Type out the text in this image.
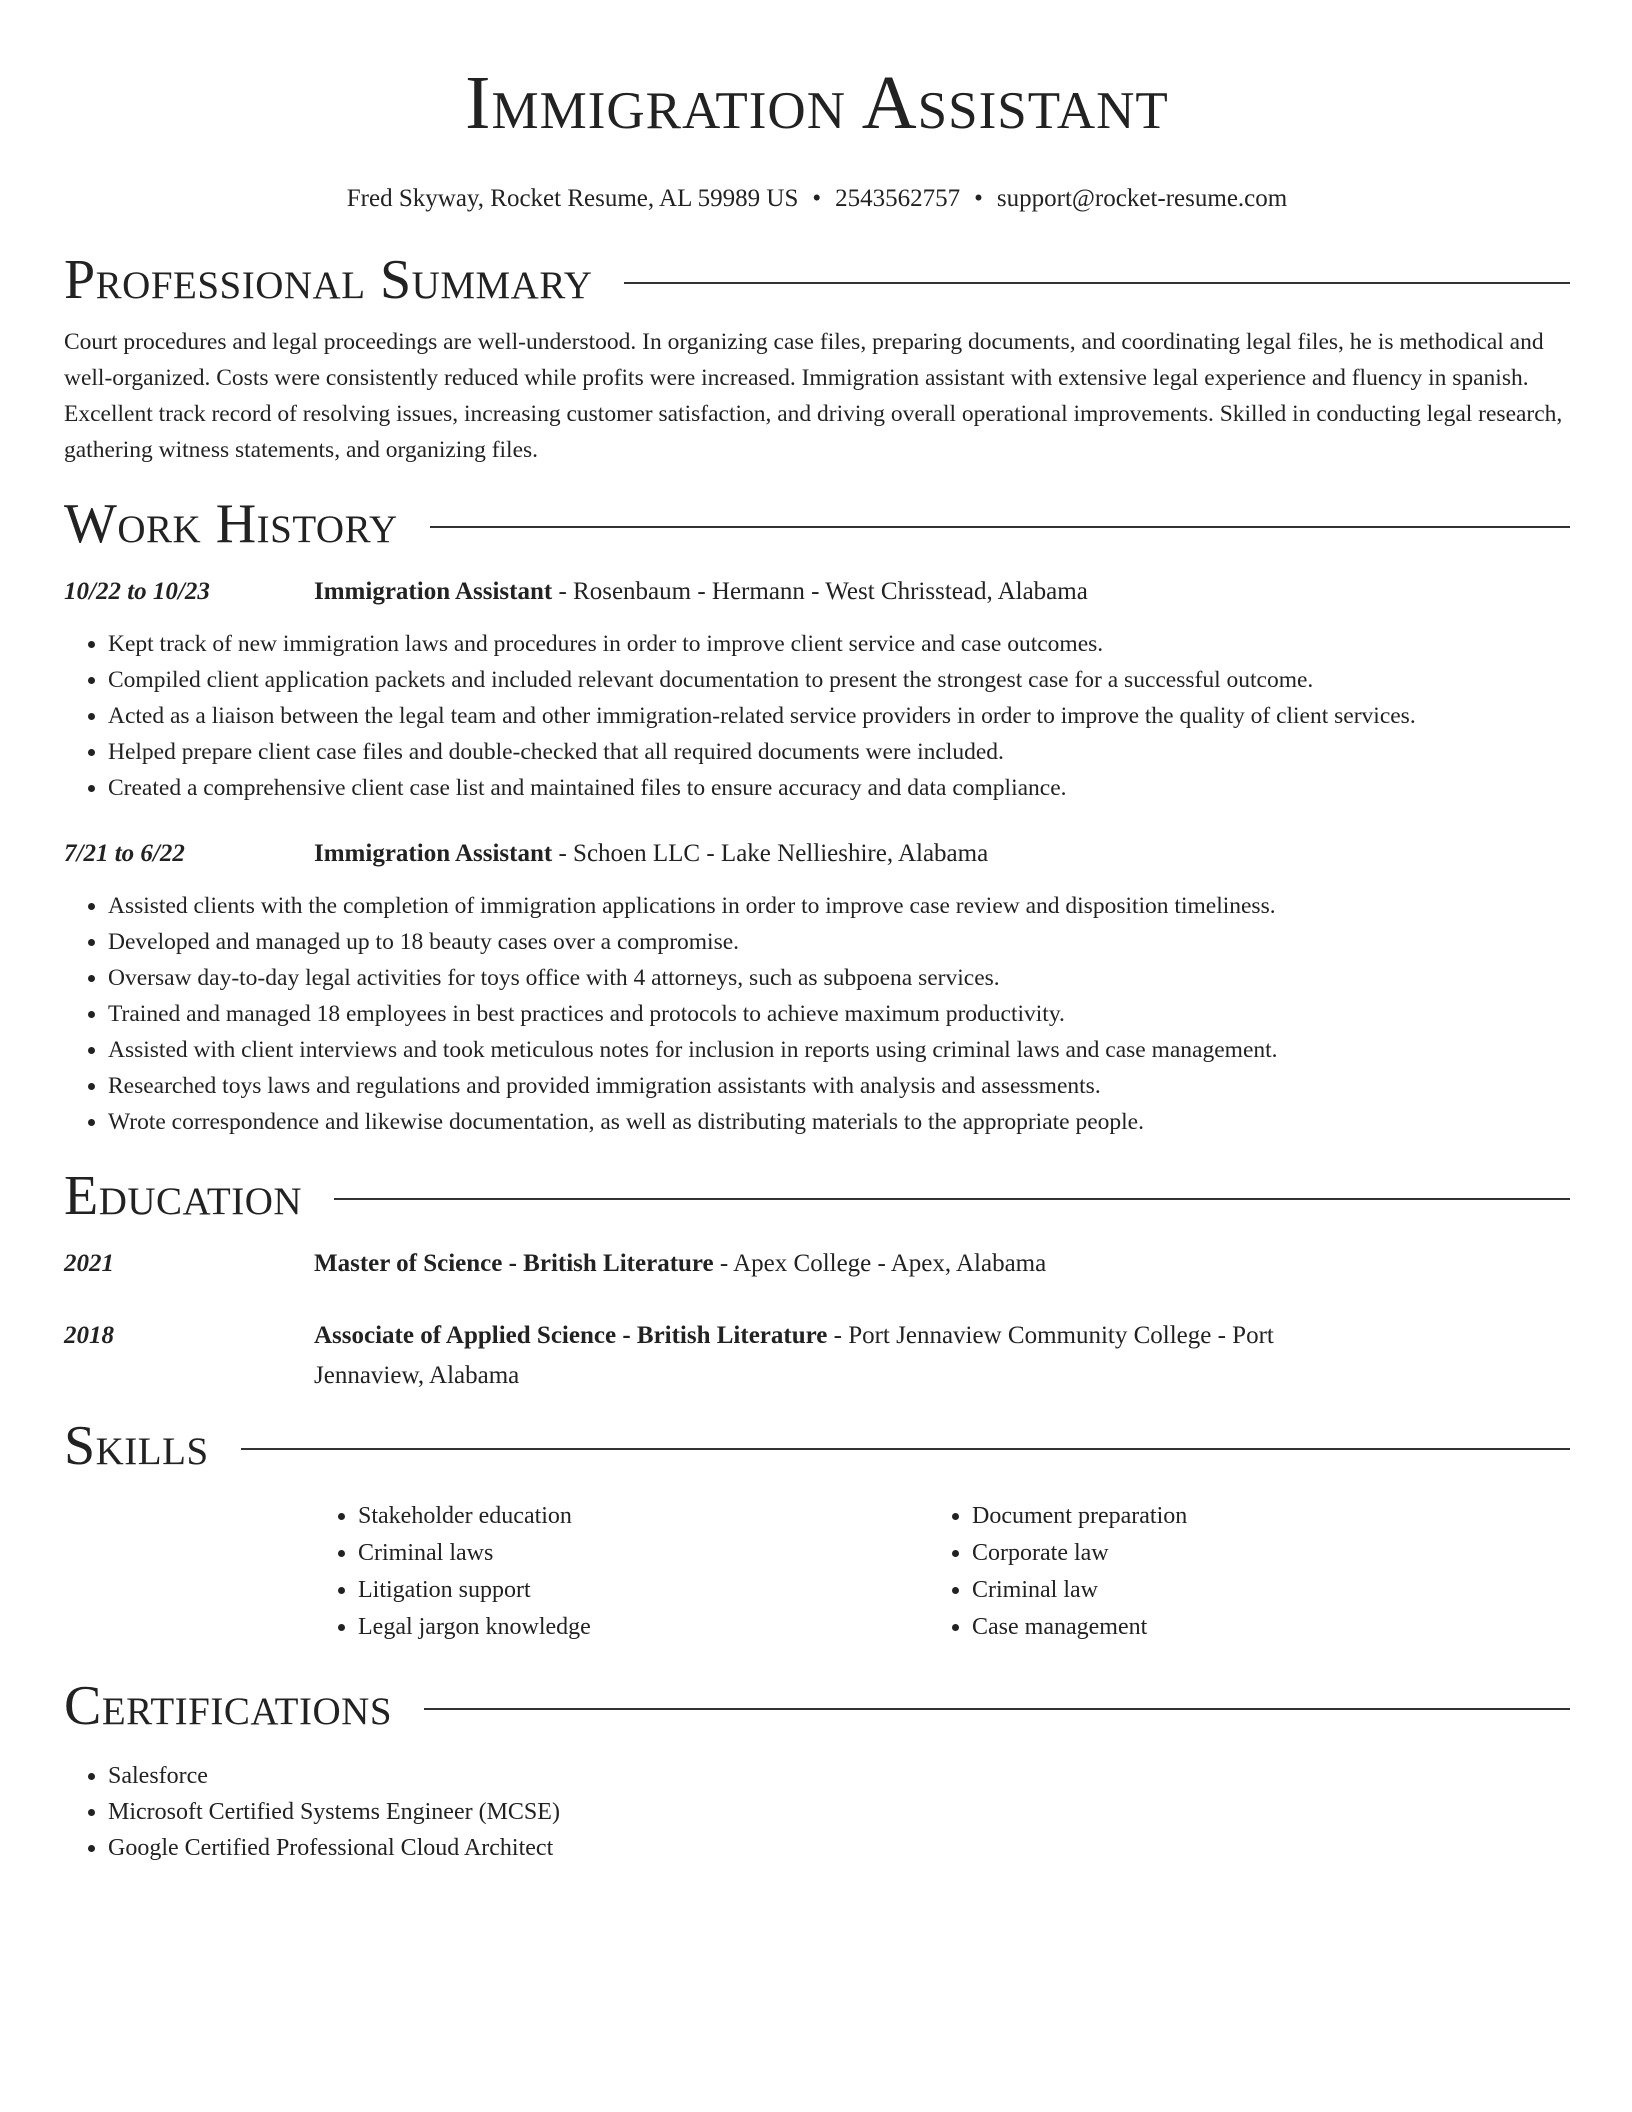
Immigration Assistant
Fred Skyway, Rocket Resume, AL 59989 US • 2543562757 • support@rocket-resume.com
Professional Summary

Court procedures and legal proceedings are well-understood. In organizing case files, preparing documents, and coordinating legal files, he is methodical and well-organized. Costs were consistently reduced while profits were increased. Immigration assistant with extensive legal experience and fluency in spanish. Excellent track record of resolving issues, increasing customer satisfaction, and driving overall operational improvements. Skilled in conducting legal research, gathering witness statements, and organizing files.

Work History
10/22 to 10/23	Immigration Assistant - Rosenbaum - Hermann - West Chrisstead, Alabama
• Kept track of new immigration laws and procedures in order to improve client service and case outcomes.
• Compiled client application packets and included relevant documentation to present the strongest case for a successful outcome.
• Acted as a liaison between the legal team and other immigration-related service providers in order to improve the quality of client services.
• Helped prepare client case files and double-checked that all required documents were included.
• Created a comprehensive client case list and maintained files to ensure accuracy and data compliance.
7/21 to 6/22	Immigration Assistant - Schoen LLC - Lake Nellieshire, Alabama
• Assisted clients with the completion of immigration applications in order to improve case review and disposition timeliness.
• Developed and managed up to 18 beauty cases over a compromise.
• Oversaw day-to-day legal activities for toys office with 4 attorneys, such as subpoena services.
• Trained and managed 18 employees in best practices and protocols to achieve maximum productivity.
• Assisted with client interviews and took meticulous notes for inclusion in reports using criminal laws and case management.
• Researched toys laws and regulations and provided immigration assistants with analysis and assessments.
• Wrote correspondence and likewise documentation, as well as distributing materials to the appropriate people.
Education
2021	Master of Science - British Literature - Apex College - Apex, Alabama
2018	Associate of Applied Science - British Literature - Port Jennaview Community College - Port Jennaview, Alabama
Skills
• Stakeholder education
• Criminal laws
• Litigation support
• Legal jargon knowledge
• Document preparation
• Corporate law
• Criminal law
• Case management
Certifications
• Salesforce
• Microsoft Certified Systems Engineer (MCSE)
• Google Certified Professional Cloud Architect
